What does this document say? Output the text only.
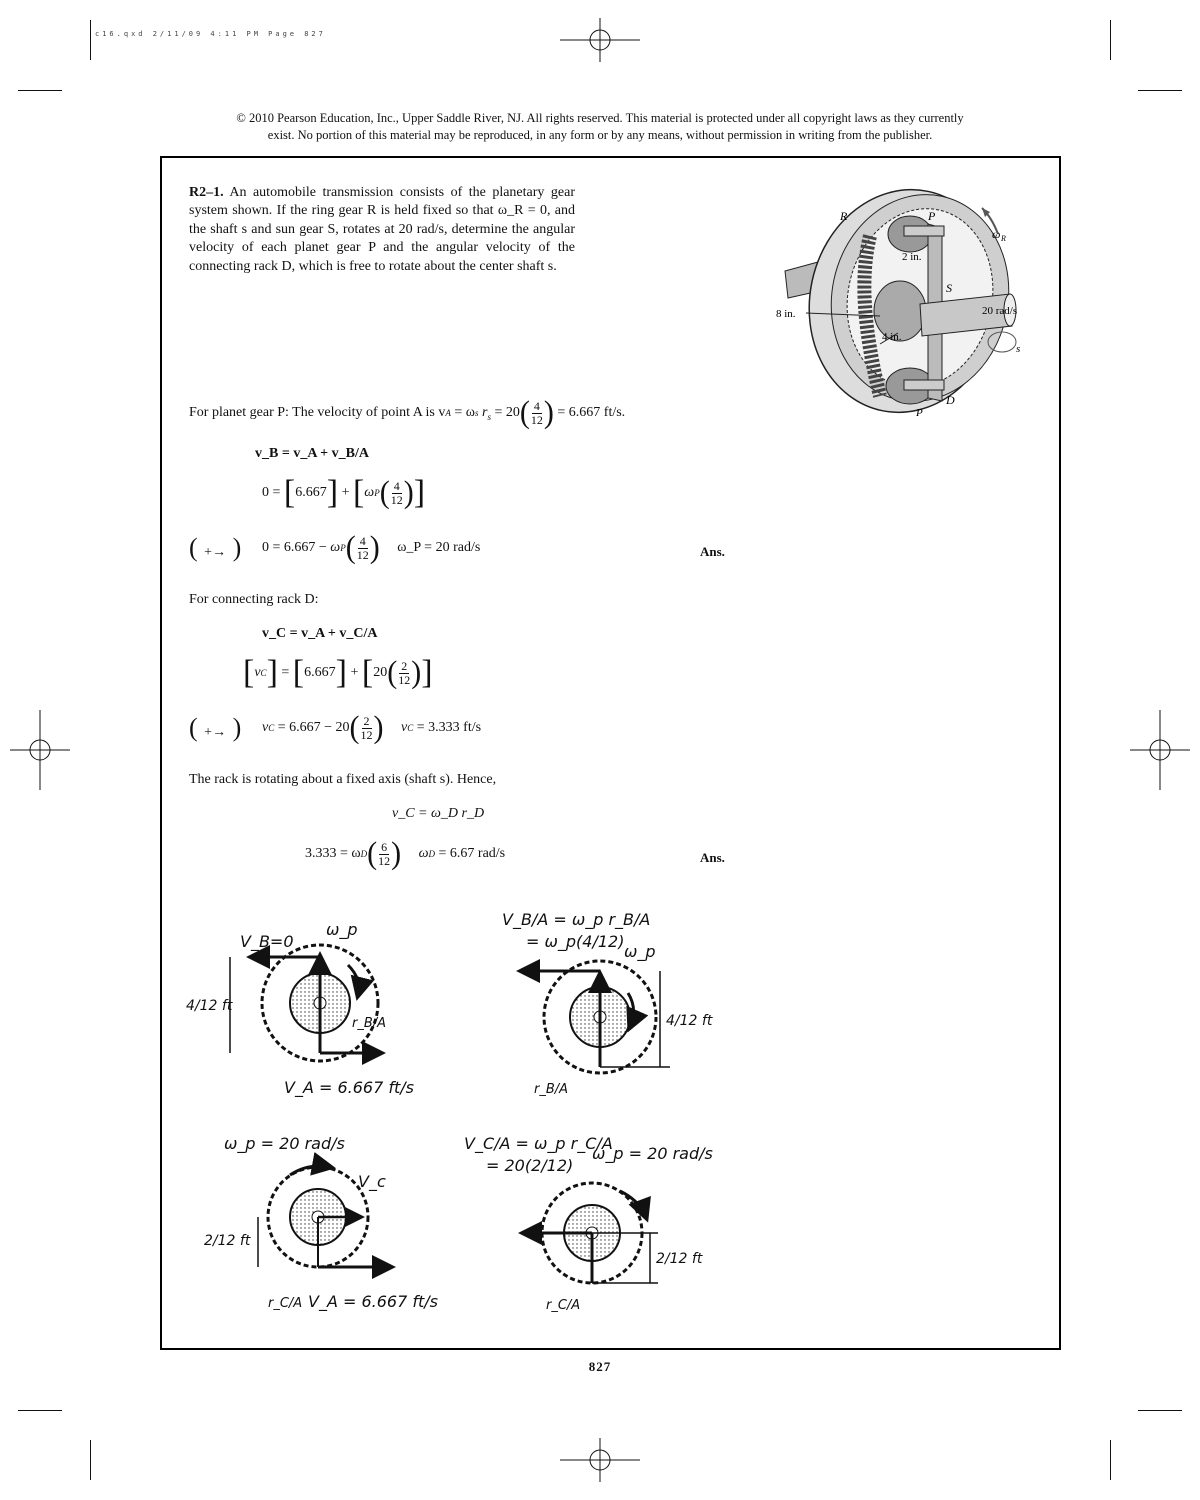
c16.qxd 2/11/09 4:11 PM Page 827
© 2010 Pearson Education, Inc., Upper Saddle River, NJ. All rights reserved. This material is protected under all copyright laws as they currently
exist. No portion of this material may be reproduced, in any form or by any means, without permission in writing from the publisher.
R2–1. An automobile transmission consists of the planetary gear system shown. If the ring gear R is held fixed so that ω_R = 0, and the shaft s and sun gear S, rotates at 20 rad/s, determine the angular velocity of each planet gear P and the angular velocity of the connecting rack D, which is free to rotate about the center shaft s.
R	P
ω R
2 in.
S
20 rad/s
8 in.
4 in.
s
D
P
For planet gear P: The velocity of point A is v A
= ω s
$r_s = 20$ ( $\frac{4}{12}$ )
= 6.667 ft/s.
v_B = v_A + v_B/A
0 =
[ 6.667 ]
+
[ ω P ( $\frac{4}{12}$ ) ]
( +→ ) 0 = 6.667 −
ω P ( $\frac{4}{12}$ )
ω_P = 20 rad/s	Ans.
For connecting rack D:
v_C = v_A + v_C/A
[ v C ]
=
[ 6.667 ]
+
[ 20 ( $\frac{2}{12}$ ) ]
( +→ ) v C
= 6.667 − 20 ( $\frac{2}{12}$ )
v C
= 3.333 ft/s
The rack is rotating about a fixed axis (shaft s). Hence,
v_C = ω_D r_D
3.333 = ω D ( $\frac{6}{12}$ )
ω D
= 6.67 rad/s	Ans.
V_B=0
ω_p
4/12 ft
r_B/A
V_A = 6.667 ft/s
V_B/A = ω_p r_B/A
= ω_p(4/12)
ω_p
4/12 ft
r_B/A
ω_p = 20 rad/s
V_c
2/12 ft
r_C/A V_A = 6.667 ft/s
V_C/A = ω_p r_C/A
= 20(2/12)
ω_p = 20 rad/s
2/12 ft
r_C/A
827
